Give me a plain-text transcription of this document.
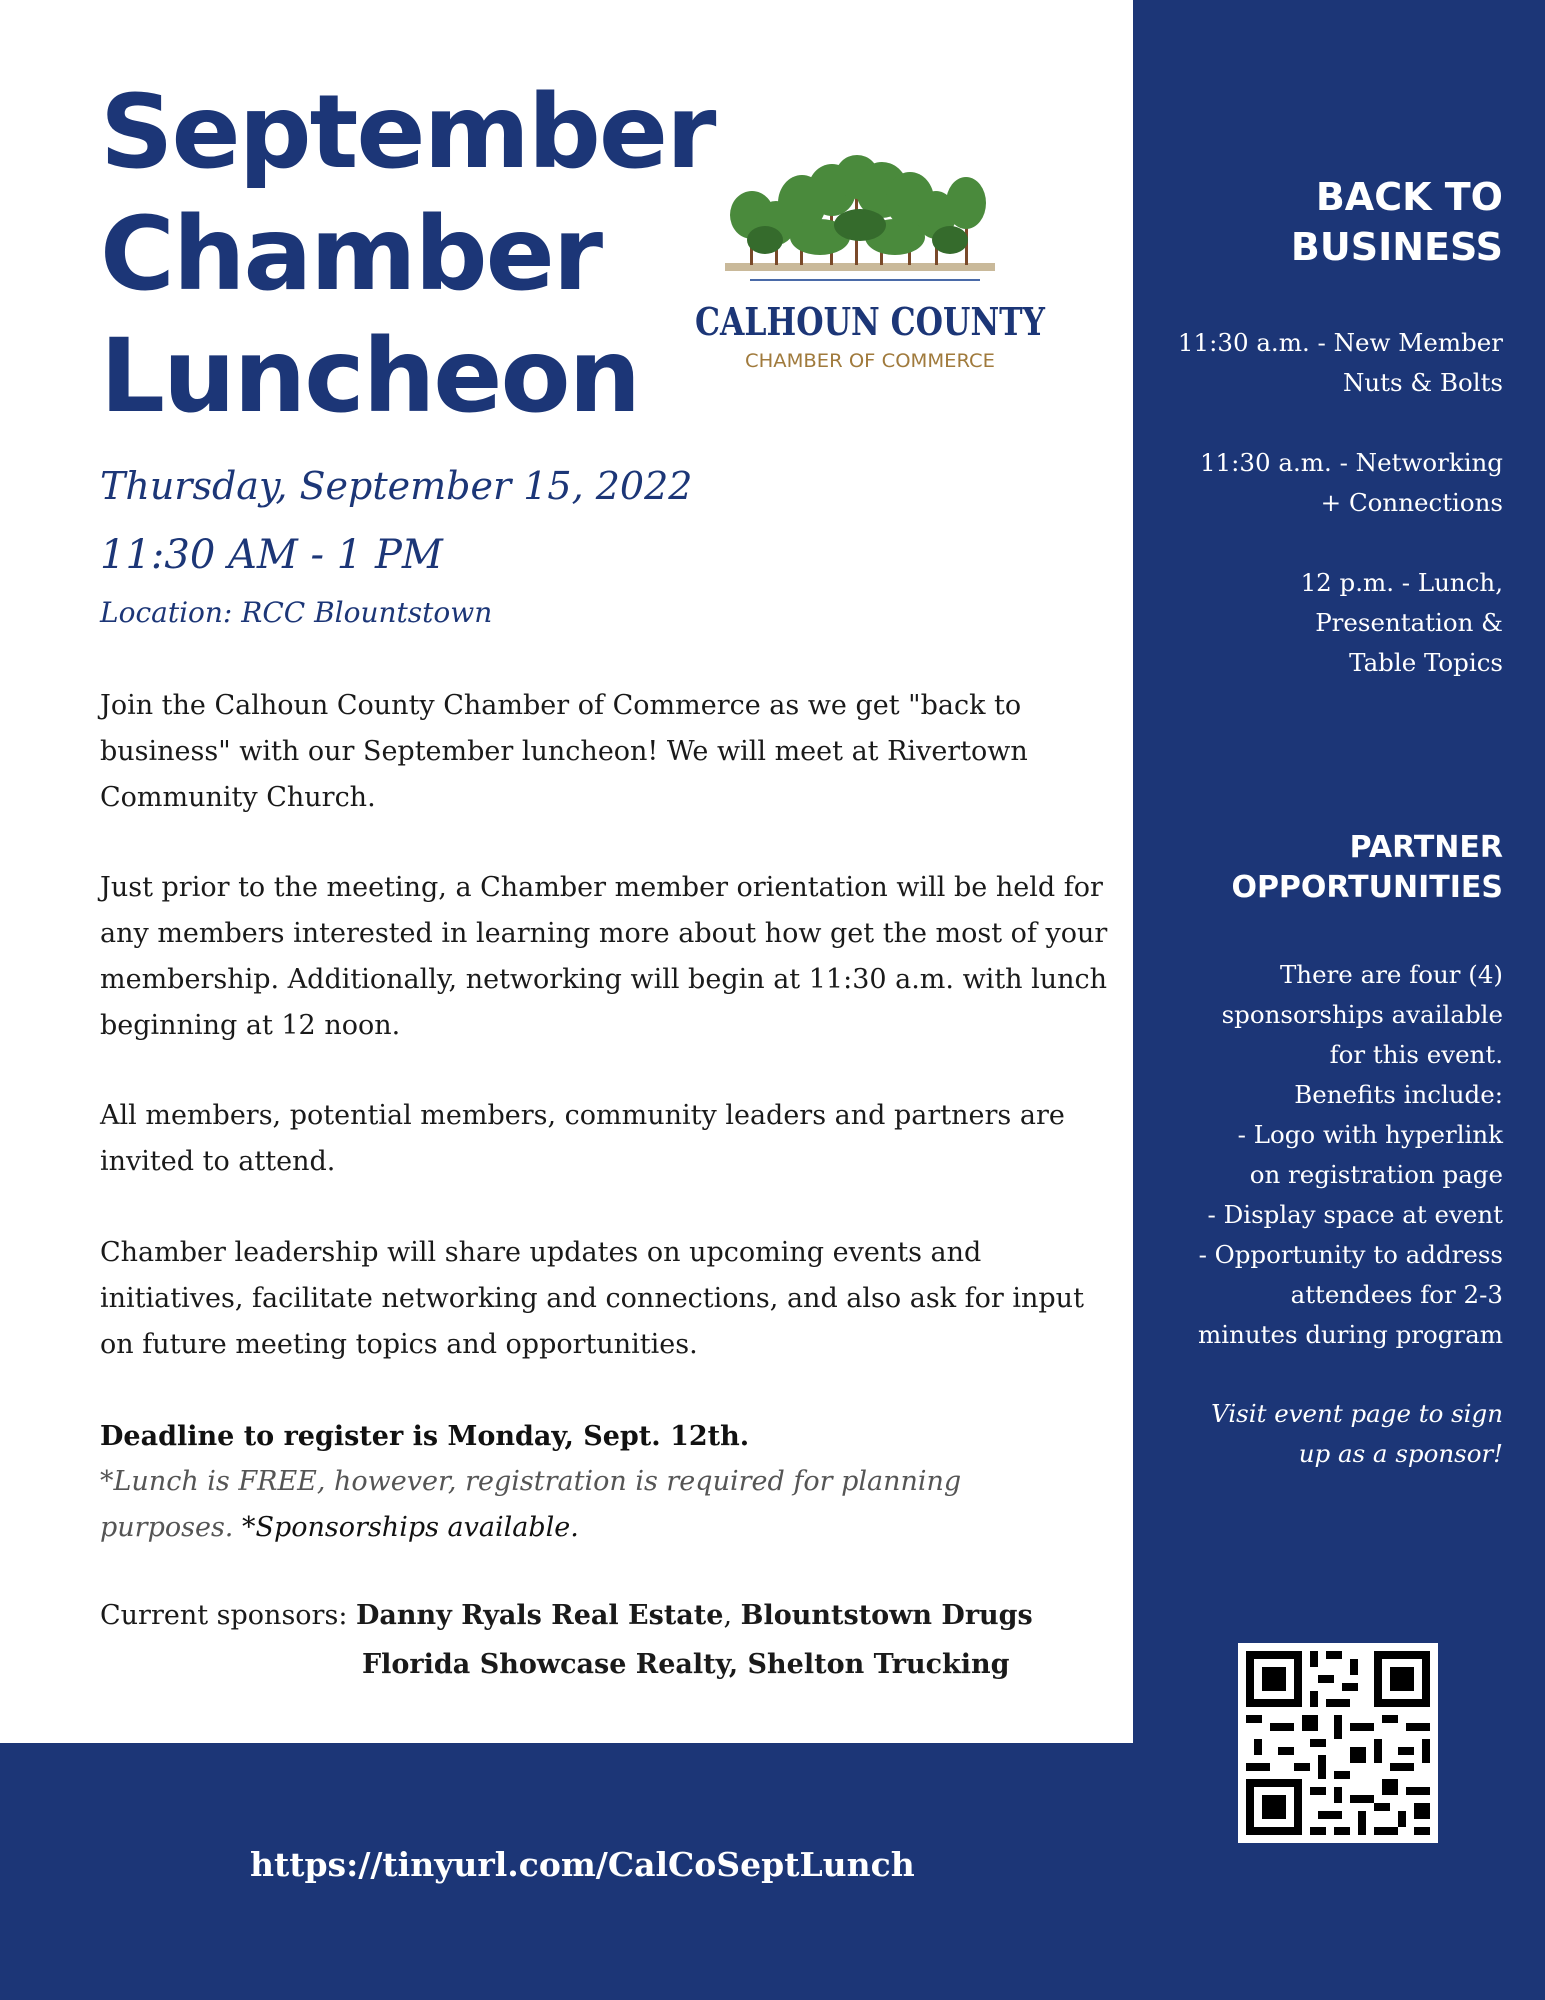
September
Chamber
Luncheon	CALHOUN COUNTY
CHAMBER OF COMMERCE

Thursday, September 15, 2022

11:30 AM - 1 PM

Location: RCC Blountstown

Join the Calhoun County Chamber of Commerce as we get "back to business" with our September luncheon! We will meet at Rivertown Community Church.

Just prior to the meeting, a Chamber member orientation will be held for any members interested in learning more about how get the most of your membership. Additionally, networking will begin at 11:30 a.m. with lunch beginning at 12 noon.

All members, potential members, community leaders and partners are invited to attend.

Chamber leadership will share updates on upcoming events and initiatives, facilitate networking and connections, and also ask for input on future meeting topics and opportunities.

Deadline to register is Monday, Sept. 12th.

*Lunch is FREE, however, registration is required for planning purposes. *Sponsorships available.

Current sponsors: Danny Ryals Real Estate, Blountstown Drugs

Florida Showcase Realty, Shelton Trucking

BACK TO
BUSINESS
11:30 a.m. - New Member
Nuts & Bolts
11:30 a.m. - Networking
+ Connections
12 p.m. - Lunch,
Presentation &
Table Topics
PARTNER
OPPORTUNITIES
There are four (4)
sponsorships available
for this event.
Benefits include:
- Logo with hyperlink
on registration page
- Display space at event
- Opportunity to address
attendees for 2-3
minutes during program
Visit event page to sign
up as a sponsor!

https://tinyurl.com/CalCoSeptLunch
